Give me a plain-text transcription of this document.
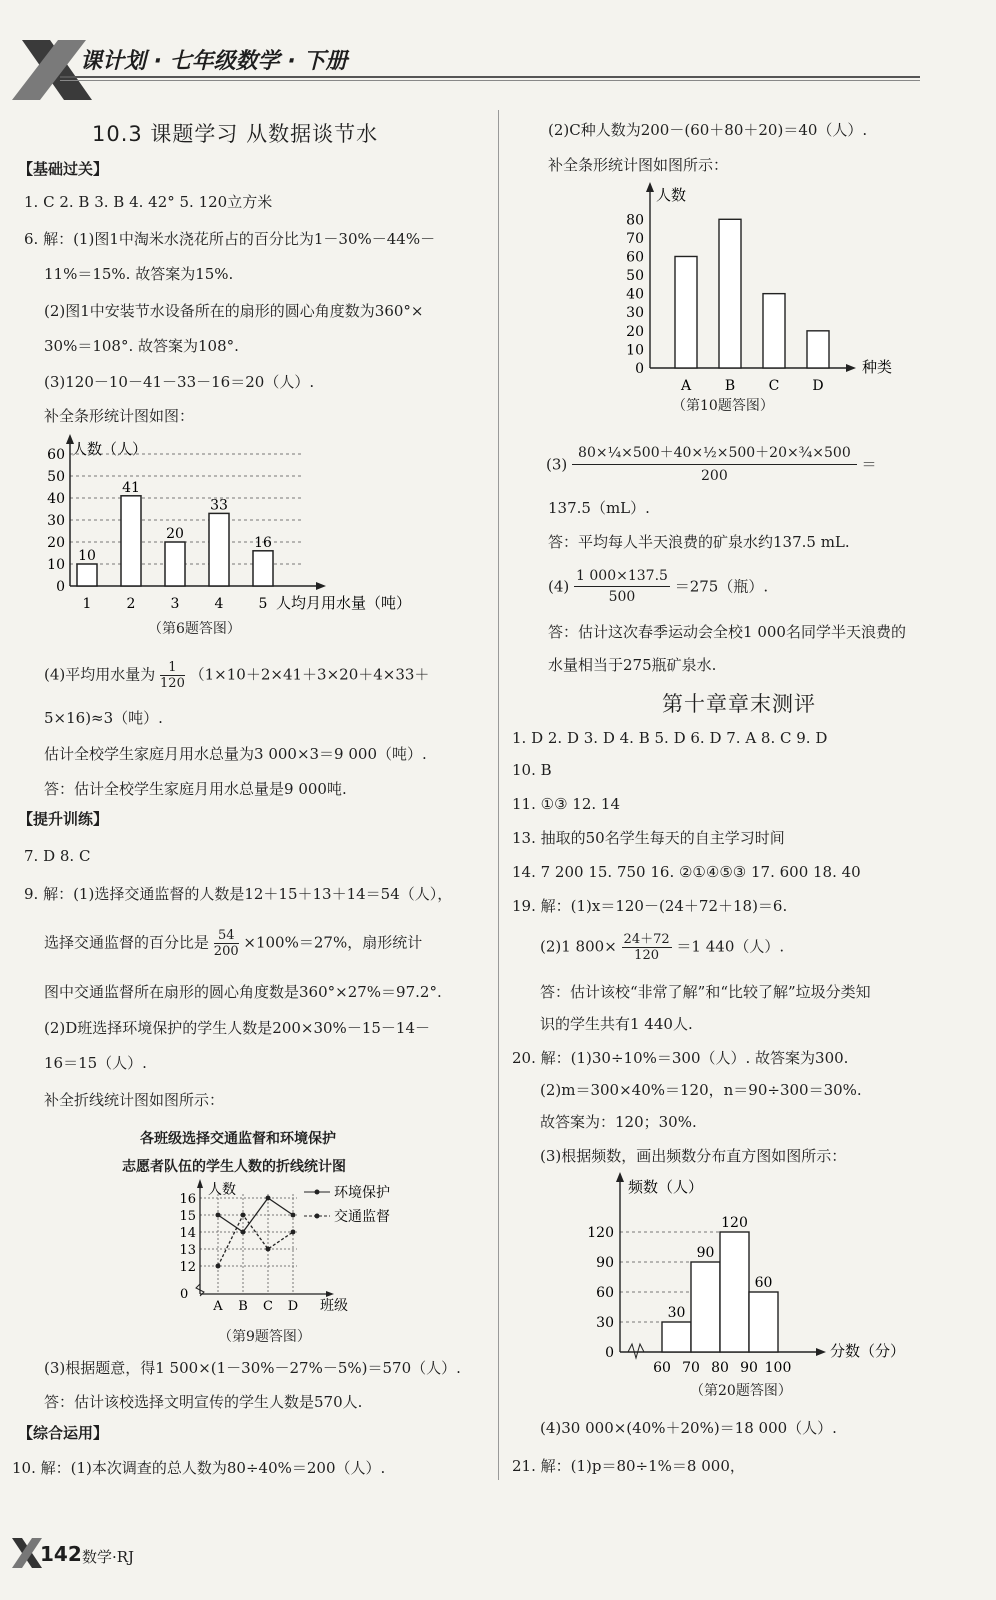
课计划 · 七年级数学 · 下册
10.3 课题学习 从数据谈节水
【基础过关】
1. C 2. B 3. B 4. 42° 5. 120立方米
6. 解：(1)图1中淘米水浇花所占的百分比为1－30%－44%－
11%＝15%. 故答案为15%.
(2)图1中安装节水设备所在的扇形的圆心角度数为360°×
30%＝108°. 故答案为108°.
(3)120－10－41－33－16＝20（人）.
补全条形统计图如图：
0
10
20
30
40
50
60 人数（人）
人均月用水量（吨）
10
1
41
2
20
3
33
4
16
5
（第6题答图）
(4)平均用水量为 $\frac{1}{120} (1\times 10+2\times 41+3\times 20+4\times 33+$
5×16)≈3（吨）.
估计全校学生家庭月用水总量为3 000×3＝9 000（吨）.
答：估计全校学生家庭月用水总量是9 000吨.
【提升训练】
7. D 8. C
9. 解：(1)选择交通监督的人数是12＋15＋13＋14＝54（人），
选择交通监督的百分比是 $\frac{54}{200} \times 100\%=27\%$，扇形统计
图中交通监督所在扇形的圆心角度数是360°×27%＝97.2°.
(2)D班选择环境保护的学生人数是200×30%－15－14－
16＝15（人）.
补全折线统计图如图所示：
各班级选择交通监督和环境保护
志愿者队伍的学生人数的折线统计图
12
13
14
15
16
A B C D
0
人数
班级
环境保护
交通监督
（第9题答图）
(3)根据题意，得1 500×(1－30%－27%－5%)＝570（人）.
答：估计该校选择文明宣传的学生人数是570人.
【综合运用】
10. 解：(1)本次调查的总人数为80÷40%＝200（人）.
(2)C种人数为200－(60＋80＋20)＝40（人）.
补全条形统计图如图所示：
0
10
20
30
40
50
60
70
80
人数
种类
A B C D
（第10题答图）
$(3) \frac{\text{80×¼×500＋40×½×500＋20×¾×500}}{200}$ ＝
137.5（mL）.
答：平均每人半天浪费的矿泉水约137.5 mL.
$(4) \frac{1 000\times 137.5}{500} =275$（瓶）.
答：估计这次春季运动会全校1 000名同学半天浪费的
水量相当于275瓶矿泉水.
第十章章末测评
1. D 2. D 3. D 4. B 5. D 6. D 7. A 8. C 9. D
10. B
11. ①③ 12. 14
13. 抽取的50名学生每天的自主学习时间
14. 7 200 15. 750 16. ②①④⑤③ 17. 600 18. 40
19. 解：(1)x＝120－(24＋72＋18)＝6.
(2)1 $800\times \frac{24+72}{120} =1$ 440（人）.
答：估计该校“非常了解”和“比较了解”垃圾分类知
识的学生共有1 440人.
20. 解：(1)30÷10%＝300（人）. 故答案为300.
(2)m＝300×40%＝120，n＝90÷300＝30%.
故答案为：120；30%.
(3)根据频数，画出频数分布直方图如图所示：
0
30
60
90
120
频数（人）
分数（分）
30
90
120
60
60 70 80 90 100
（第20题答图）
(4)30 000×(40%＋20%)＝18 000（人）.
21. 解：(1)p＝80÷1%＝8 000，
142 数学·RJ
